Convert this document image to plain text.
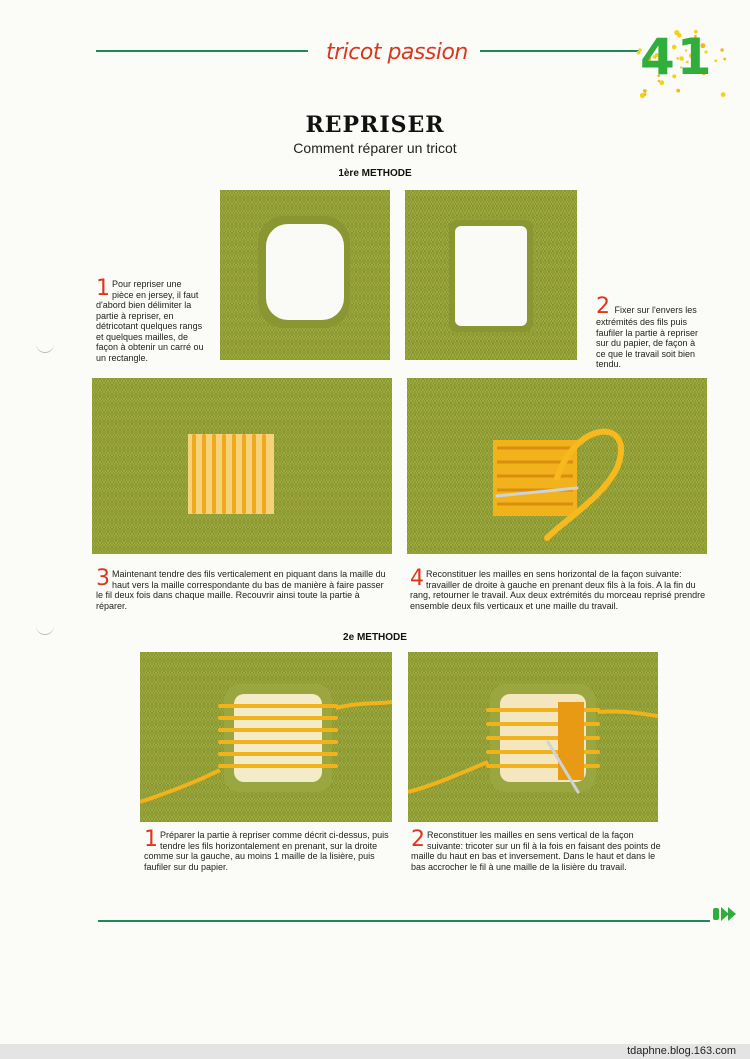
tricot passion	41
REPRISER
Comment réparer un tricot
1ère METHODE
1 Pour repriser une pièce en jersey, il faut d'abord bien délimiter la partie à repriser, en détricotant quelques rangs et quelques mailles, de façon à obtenir un carré ou un rectangle.
2 Fixer sur l'envers les extrémités des fils puis faufiler la partie à repriser sur du papier, de façon à ce que le travail soit bien tendu.
3 Maintenant tendre des fils verticalement en piquant dans la maille du haut vers la maille correspondante du bas de manière à faire passer le fil deux fois dans chaque maille. Recouvrir ainsi toute la partie à réparer.
4 Reconstituer les mailles en sens horizontal de la façon suivante: travailler de droite à gauche en prenant deux fils à la fois. A la fin du rang, retourner le travail. Aux deux extrémités du morceau reprisé prendre ensemble deux fils verticaux et une maille du travail.
2e METHODE
1 Préparer la partie à repriser comme décrit ci-dessus, puis tendre les fils horizontalement en prenant, sur la droite comme sur la gauche, au moins 1 maille de la lisière, puis faufiler sur du papier.
2 Reconstituer les mailles en sens vertical de la façon suivante: tricoter sur un fil à la fois en faisant des points de maille du haut en bas et inversement. Dans le haut et dans le bas accrocher le fil à une maille de la lisière du travail.
tdaphne.blog.163.com
